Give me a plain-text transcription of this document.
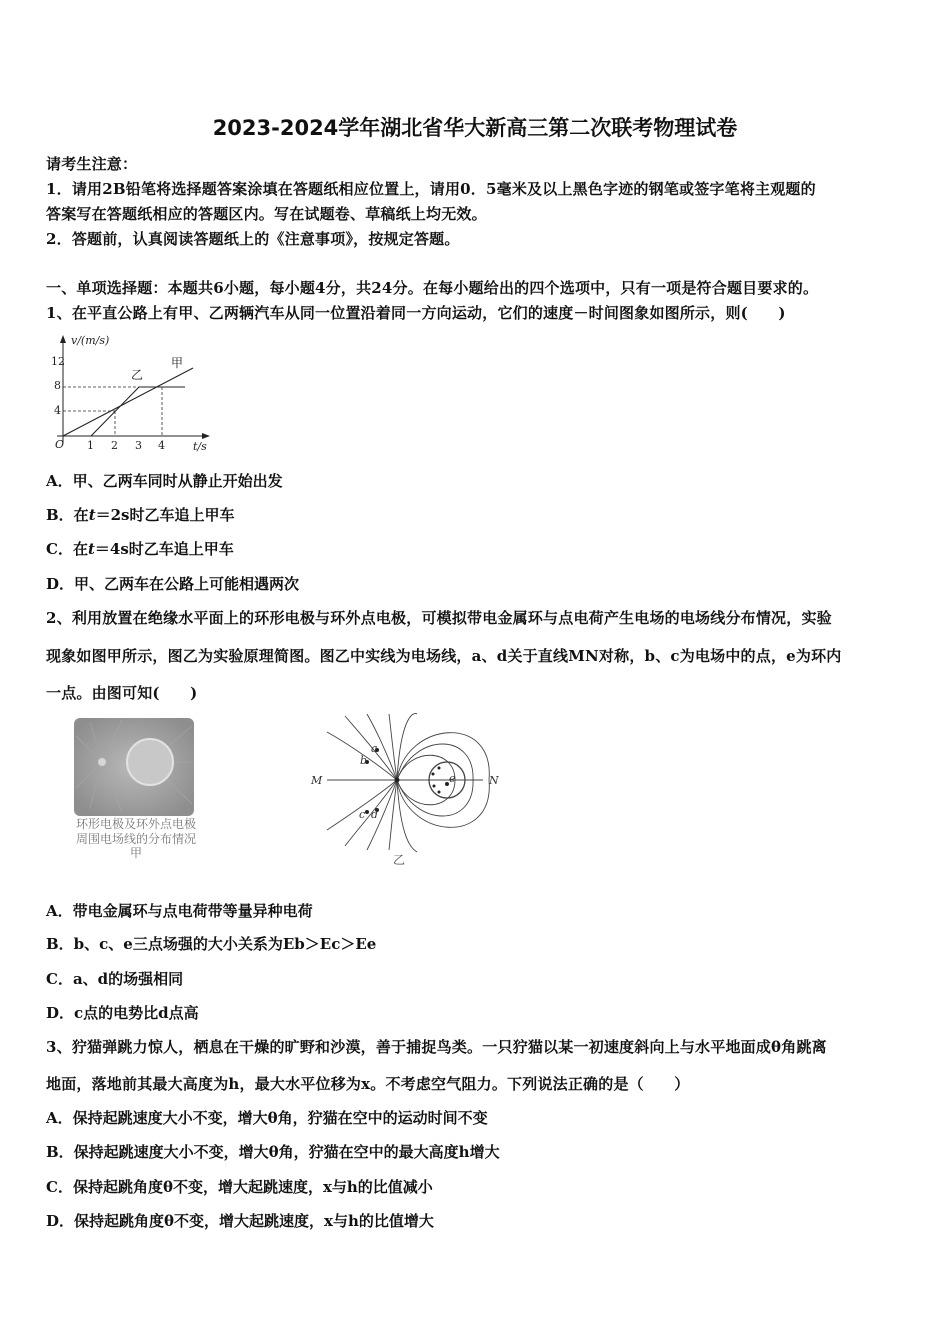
2023-2024学年湖北省华大新高三第二次联考物理试卷
请考生注意：
1．请用2B铅笔将选择题答案涂填在答题纸相应位置上，请用0．5毫米及以上黑色字迹的钢笔或签字笔将主观题的
答案写在答题纸相应的答题区内。写在试题卷、草稿纸上均无效。
2．答题前，认真阅读答题纸上的《注意事项》，按规定答题。
一、单项选择题：本题共6小题，每小题4分，共24分。在每小题给出的四个选项中，只有一项是符合题目要求的。
1、在平直公路上有甲、乙两辆汽车从同一位置沿着同一方向运动，它们的速度－时间图象如图所示，则(　　)
v/(m/s)
t/s
12
8
4
O 1 2 3 4
乙
甲
A．甲、乙两车同时从静止开始出发
B．在t＝2s时乙车追上甲车
C．在t＝4s时乙车追上甲车
D．甲、乙两车在公路上可能相遇两次
2、利用放置在绝缘水平面上的环形电极与环外点电极，可模拟带电金属环与点电荷产生电场的电场线分布情况，实验
现象如图甲所示，图乙为实验原理简图。图乙中实线为电场线，a、d关于直线MN对称，b、c为电场中的点，e为环内
一点。由图可知(　　)
环形电极及环外点电极
周围电场线的分布情况
甲
M	N
a
b
c d
e
乙
A．带电金属环与点电荷带等量异种电荷
B．b、c、e三点场强的大小关系为Eb＞Ec＞Ee
C．a、d的场强相同
D．c点的电势比d点高
3、狞猫弹跳力惊人，栖息在干燥的旷野和沙漠，善于捕捉鸟类。一只狞猫以某一初速度斜向上与水平地面成θ角跳离
地面，落地前其最大高度为h，最大水平位移为x。不考虑空气阻力。下列说法正确的是（　　）
A．保持起跳速度大小不变，增大θ角，狞猫在空中的运动时间不变
B．保持起跳速度大小不变，增大θ角，狞猫在空中的最大高度h增大
C．保持起跳角度θ不变，增大起跳速度，x与h的比值减小
D．保持起跳角度θ不变，增大起跳速度，x与h的比值增大
